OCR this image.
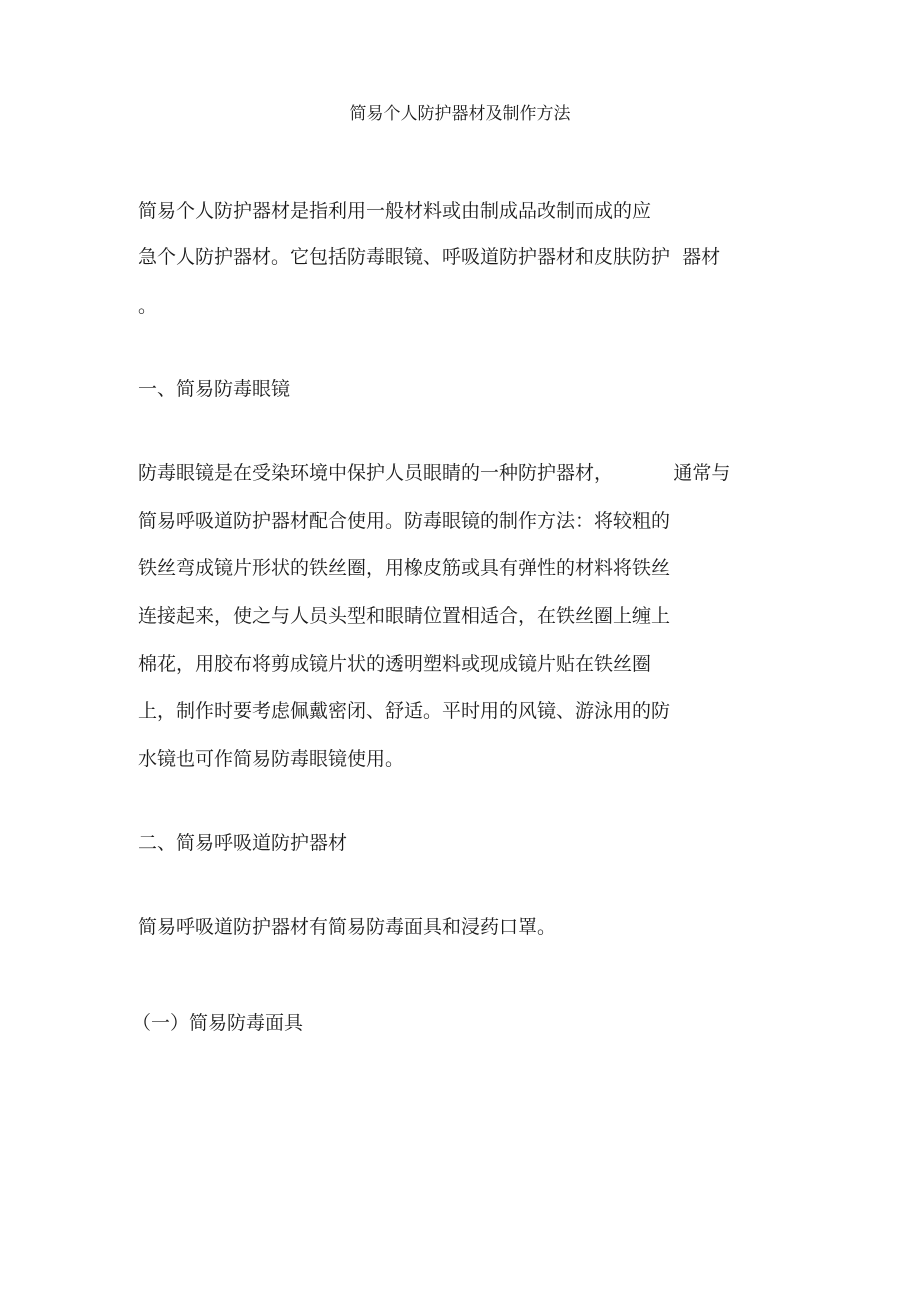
简易个人防护器材及制作方法
简易个人防护器材是指利用一般材料或由制成品改制而成的应
急个人防护器材。它包括防毒眼镜、呼吸道防护器材和皮肤防护  器材
。
一、简易防毒眼镜
防毒眼镜是在受染环境中保护人员眼睛的一种防护器材，          通常与
简易呼吸道防护器材配合使用。防毒眼镜的制作方法：将较粗的
铁丝弯成镜片形状的铁丝圈，用橡皮筋或具有弹性的材料将铁丝
连接起来，使之与人员头型和眼睛位置相适合，在铁丝圈上缠上
棉花，用胶布将剪成镜片状的透明塑料或现成镜片贴在铁丝圈
上，制作时要考虑佩戴密闭、舒适。平时用的风镜、游泳用的防
水镜也可作简易防毒眼镜使用。
二、简易呼吸道防护器材
简易呼吸道防护器材有简易防毒面具和浸药口罩。
（一）简易防毒面具
